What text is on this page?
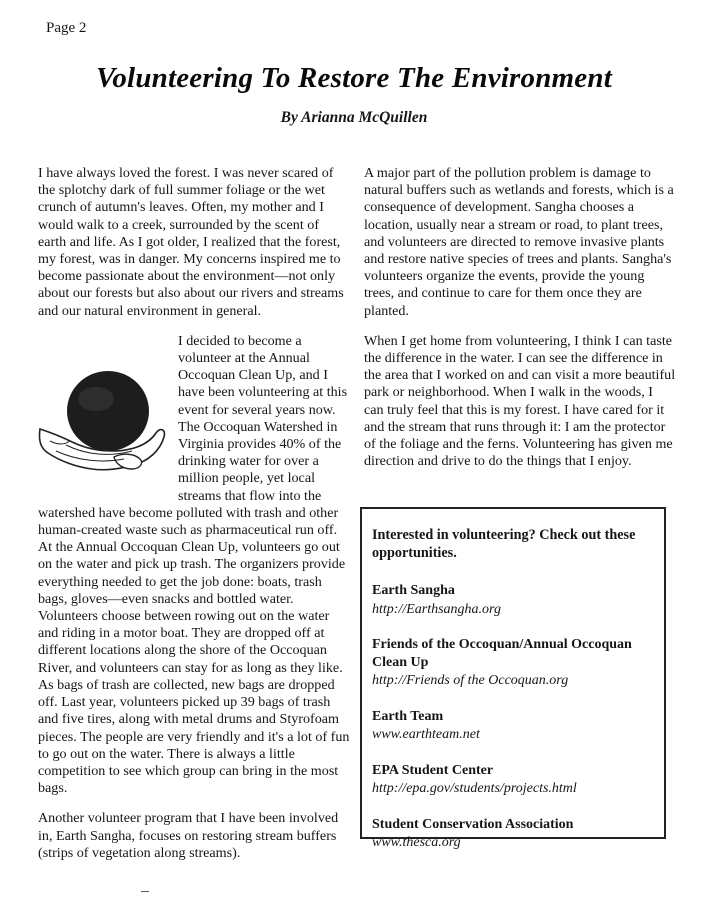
Page 2
Volunteering To Restore The Environment
By Arianna McQuillen

I have always loved the forest. I was never scared of the splotchy dark of full summer foliage or the wet crunch of autumn's leaves. Often, my mother and I would walk to a creek, surrounded by the scent of earth and life. As I got older, I realized that the forest, my forest, was in danger. My concerns inspired me to become passionate about the environment—not only about our forests but also about our rivers and streams and our natural environment in general.

I decided to become a volunteer at the Annual Occoquan Clean Up, and I have been volunteering at this event for several years now. The Occoquan Watershed in Virginia provides 40% of the drinking water for over a million people, yet local streams that flow into the watershed have become polluted with trash and other human-created waste such as pharmaceutical run off. At the Annual Occoquan Clean Up, volunteers go out on the water and pick up trash. The organizers provide everything needed to get the job done: boats, trash bags, gloves—even snacks and bottled water. Volunteers choose between rowing out on the water and riding in a motor boat. They are dropped off at different locations along the shore of the Occoquan River, and volunteers can stay for as long as they like. As bags of trash are collected, new bags are dropped off. Last year, volunteers picked up 39 bags of trash and five tires, along with metal drums and Styrofoam pieces. The people are very friendly and it's a lot of fun to go out on the water. There is always a little competition to see which group can bring in the most bags.

Another volunteer program that I have been involved in, Earth Sangha, focuses on restoring stream buffers (strips of vegetation along streams).

A major part of the pollution problem is damage to natural buffers such as wetlands and forests, which is a consequence of development. Sangha chooses a location, usually near a stream or road, to plant trees, and volunteers are directed to remove invasive plants and restore native species of trees and plants. Sangha's volunteers organize the events, provide the young trees, and continue to care for them once they are planted.

When I get home from volunteering, I think I can taste the difference in the water. I can see the difference in the area that I worked on and can visit a more beautiful park or neighborhood. When I walk in the woods, I can truly feel that this is my forest. I have cared for it and the stream that runs through it: I am the protector of the foliage and the ferns. Volunteering has given me direction and drive to do the things that I enjoy.

Interested in volunteering? Check out these opportunities.
Earth Sangha
http://Earthsangha.org
Friends of the Occoquan/Annual Occoquan Clean Up
http://Friends of the Occoquan.org
Earth Team
www.earthteam.net
EPA Student Center
http://epa.gov/students/projects.html
Student Conservation Association
www.thesca.org
